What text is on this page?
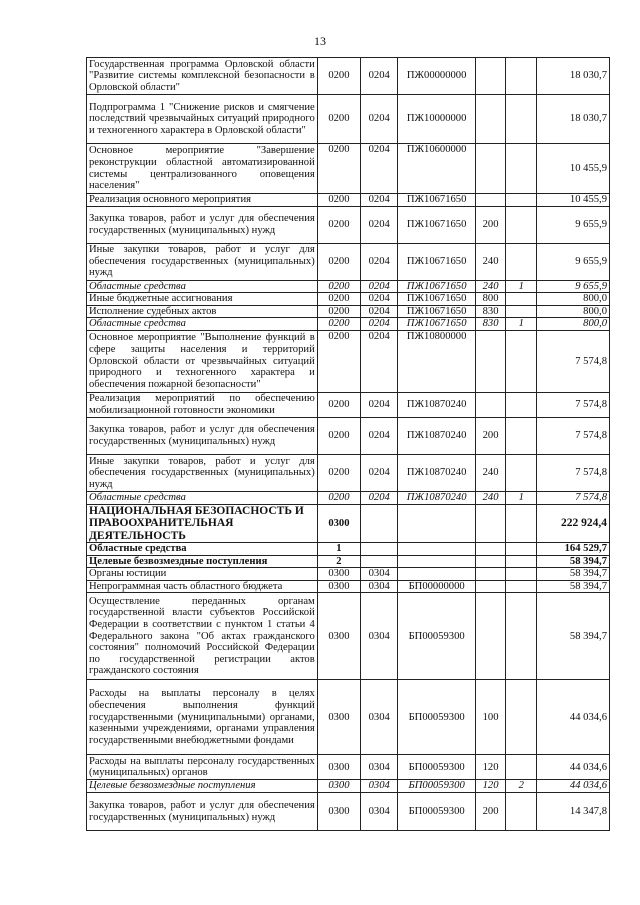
13
Государственная программа Орловской области "Развитие системы комплексной безопасности в Орловской области"	0200	0204	ПЖ00000000			18 030,7
Подпрограмма 1 "Снижение рисков и смягчение последствий чрезвычайных ситуаций природного и техногенного характера в Орловской области"	0200	0204	ПЖ10000000			18 030,7
Основное мероприятие "Завершение реконструкции областной автоматизированной системы централизованного оповещения населения"	0200	0204	ПЖ10600000			10 455,9
Реализация основного мероприятия	0200	0204	ПЖ10671650			10 455,9
Закупка товаров, работ и услуг для обеспечения государственных (муниципальных) нужд	0200	0204	ПЖ10671650	200		9 655,9
Иные закупки товаров, работ и услуг для обеспечения государственных (муниципальных) нужд	0200	0204	ПЖ10671650	240		9 655,9
Областные средства	0200	0204	ПЖ10671650	240	1	9 655,9
Иные бюджетные ассигнования	0200	0204	ПЖ10671650	800		800,0
Исполнение судебных актов	0200	0204	ПЖ10671650	830		800,0
Областные средства	0200	0204	ПЖ10671650	830	1	800,0
Основное мероприятие "Выполнение функций в сфере защиты населения и территорий Орловской области от чрезвычайных ситуаций природного и техногенного характера и обеспечения пожарной безопасности"	0200	0204	ПЖ10800000			7 574,8
Реализация мероприятий по обеспечению мобилизационной готовности экономики	0200	0204	ПЖ10870240			7 574,8
Закупка товаров, работ и услуг для обеспечения государственных (муниципальных) нужд	0200	0204	ПЖ10870240	200		7 574,8
Иные закупки товаров, работ и услуг для обеспечения государственных (муниципальных) нужд	0200	0204	ПЖ10870240	240		7 574,8
Областные средства	0200	0204	ПЖ10870240	240	1	7 574,8
НАЦИОНАЛЬНАЯ БЕЗОПАСНОСТЬ И ПРАВООХРАНИТЕЛЬНАЯ ДЕЯТЕЛЬНОСТЬ	0300					222 924,4
Областные средства	1					164 529,7
Целевые безвозмездные поступления	2					58 394,7
Органы юстиции	0300	0304				58 394,7
Непрограммная часть областного бюджета	0300	0304	БП00000000			58 394,7
Осуществление переданных органам государственной власти субъектов Российской Федерации в соответствии с пунктом 1 статьи 4 Федерального закона "Об актах гражданского состояния" полномочий Российской Федерации по государственной регистрации актов гражданского состояния	0300	0304	БП00059300			58 394,7
Расходы на выплаты персоналу в целях обеспечения выполнения функций государственными (муниципальными) органами, казенными учреждениями, органами управления государственными внебюджетными фондами	0300	0304	БП00059300	100		44 034,6
Расходы на выплаты персоналу государственных (муниципальных) органов	0300	0304	БП00059300	120		44 034,6
Целевые безвозмездные поступления	0300	0304	БП00059300	120	2	44 034,6
Закупка товаров, работ и услуг для обеспечения государственных (муниципальных) нужд	0300	0304	БП00059300	200		14 347,8
